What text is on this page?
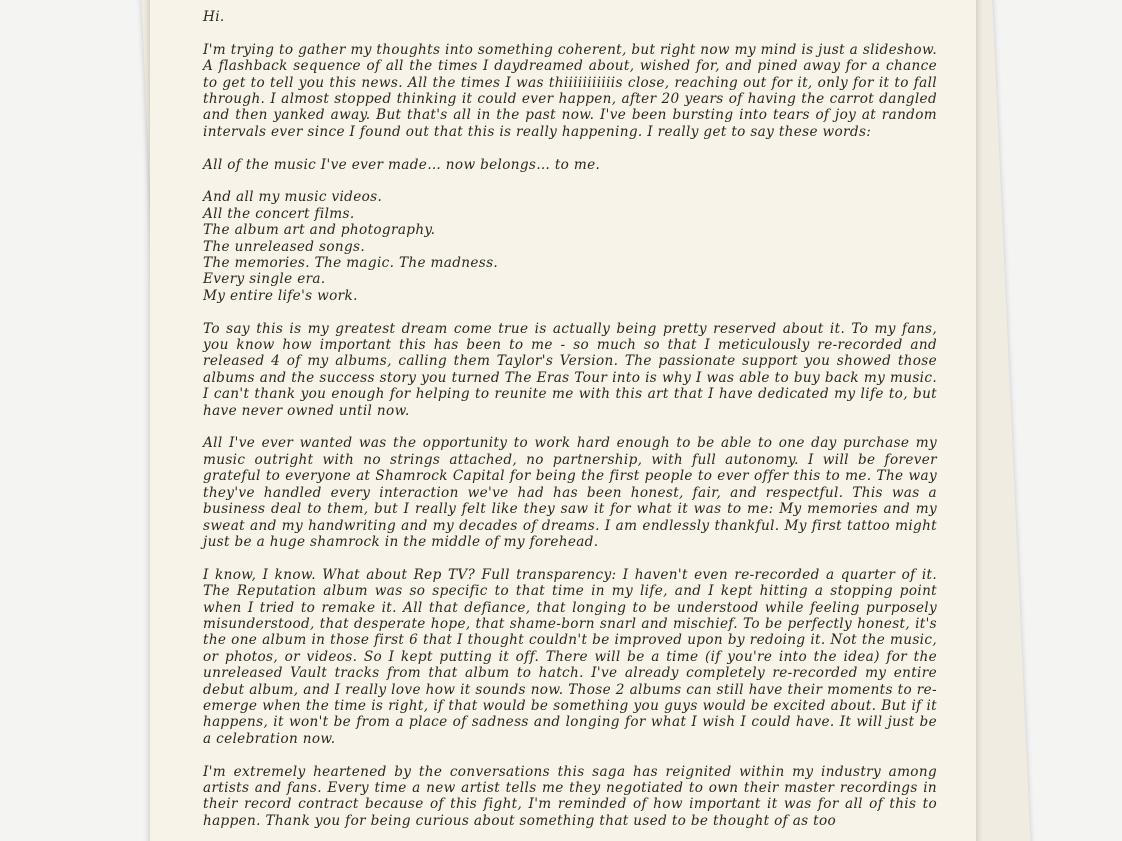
Hi.

I'm trying to gather my thoughts into something coherent, but right now my mind is just a slideshow. A flashback sequence of all the times I daydreamed about, wished for, and pined away for a chance to get to tell you this news. All the times I was thiiiiiiiiiiis close, reaching out for it, only for it to fall through. I almost stopped thinking it could ever happen, after 20 years of having the carrot dangled and then yanked away. But that's all in the past now. I've been bursting into tears of joy at random intervals ever since I found out that this is really happening. I really get to say these words:

All of the music I've ever made… now belongs… to me.

And all my music videos.
All the concert films.
The album art and photography.
The unreleased songs.
The memories. The magic. The madness.
Every single era.
My entire life's work.

To say this is my greatest dream come true is actually being pretty reserved about it. To my fans, you know how important this has been to me - so much so that I meticulously re-recorded and released 4 of my albums, calling them Taylor's Version. The passionate support you showed those albums and the success story you turned The Eras Tour into is why I was able to buy back my music. I can't thank you enough for helping to reunite me with this art that I have dedicated my life to, but have never owned until now.

All I've ever wanted was the opportunity to work hard enough to be able to one day purchase my music outright with no strings attached, no partnership, with full autonomy. I will be forever grateful to everyone at Shamrock Capital for being the first people to ever offer this to me. The way they've handled every interaction we've had has been honest, fair, and respectful. This was a business deal to them, but I really felt like they saw it for what it was to me: My memories and my sweat and my handwriting and my decades of dreams. I am endlessly thankful. My first tattoo might just be a huge shamrock in the middle of my forehead.

I know, I know. What about Rep TV? Full transparency: I haven't even re-recorded a quarter of it. The Reputation album was so specific to that time in my life, and I kept hitting a stopping point when I tried to remake it. All that defiance, that longing to be understood while feeling purposely misunderstood, that desperate hope, that shame-born snarl and mischief. To be perfectly honest, it's the one album in those first 6 that I thought couldn't be improved upon by redoing it. Not the music, or photos, or videos. So I kept putting it off. There will be a time (if you're into the idea) for the unreleased Vault tracks from that album to hatch. I've already completely re-recorded my entire debut album, and I really love how it sounds now. Those 2 albums can still have their moments to re-emerge when the time is right, if that would be something you guys would be excited about. But if it happens, it won't be from a place of sadness and longing for what I wish I could have. It will just be a celebration now.

I'm extremely heartened by the conversations this saga has reignited within my industry among artists and fans. Every time a new artist tells me they negotiated to own their master recordings in their record contract because of this fight, I'm reminded of how important it was for all of this to happen. Thank you for being curious about something that used to be thought of as too
